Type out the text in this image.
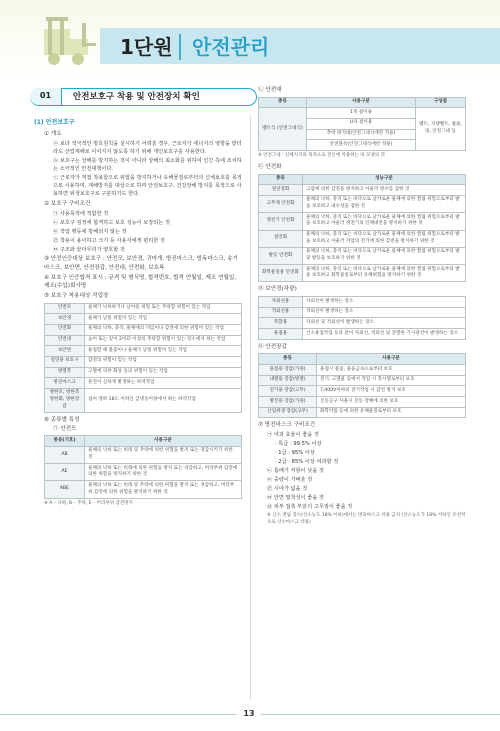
1단원 안전관리
01	안전보호구 착용 및 안전장치 확인
(1) 안전보호구
① 개요

ⓐ 보다 적극적인 방호원칙을 실시하기 어려울 경우, 근로자가 에너지의 영향을 받더라도 산업재해로 이어지지 않도록 하기 위해 개인보호구를 사용한다.

ⓑ 보호구는 상해를 방지하는 것이 아니라 상해의 최소화를 위하여 인간 측에 조치하는 소극적인 안전대책이다.

ⓒ 근로자가 직접 착용함으로 위험을 방지하거나 유해물질로부터의 신체보호를 목적으로 사용하며, 재해방지를 대상으로 하며 안전보호구, 건강장해 방지를 목적으로 사용하면 위생보호구로 구분하기도 한다.

② 보호구 구비조건

㉠ 사용목적에 적합한 것

㉡ 보호구 검정에 합격하고 보호 성능이 보장되는 것

㉢ 작업 행동에 방해되지 않는 것

㉣ 착용이 용이하고 크기 등 사용자에게 편리한 것

㉤ 구조와 끝마무리가 양호할 것

③ 안전인증대상 보호구 : 안전모, 보안경, 귀마개, 방진마스크, 방독마스크, 송기마스크, 보안면, 안전장갑, 안전대, 안전화, 보호복

④ 보호구 인증합격 표시 : 규격 및 형식명, 합격번호, 합격 연월일, 제조 연월일, 제조(수입)회사명

⑤ 보호구 착용대상 작업장
안전모	물체가 낙하하거나 날아올 위험 또는 추락할 위험이 있는 작업
보안경	물체가 날릴 위험이 있는 작업
안전화	물체의 낙하, 충격, 물체에의 끼임이나 감전에 의한 위험이 있는 작업
안전대	높이 또는 깊이 2미터 이상의 추락할 위험이 있는 장소에서 하는 작업
보안면	용접할 때 불꽃이나 물체가 날릴 위험이 있는 작업
절연용 보호구	감전의 위험이 있는 작업
방열복	고열에 의한 화상 등의 위험이 있는 작업
방진마스크	분진이 심하게 발생하는 하역작업
방한모, 방한복 방한화, 방한장갑	섭씨 영하 18도 이하인 급냉동어창에서 하는 하역작업
⑥ 종류별 특성
㉠ 안전모
종류(기호)	사용구분
AB	물체의 낙하 또는 비래 및 추락에 의한 위험을 방지 또는 경감시키기 위한 것
AE	물체의 낙하 또는 비래에 의한 위험을 방지 또는 경감하고, 머리부위 감전에 의한 위험을 방지하기 위한 것
ABE	물체의 낙하 또는 비래 및 추락에 의한 위험을 방지 또는 경감하고, 머리부위 감전에 의한 위험을 방지하기 위한 것
※ A – 낙하, B – 추락, E – 머리부위 감전방지
㉡ 안전대
종류	사용구분	구성품
벨트식 (안전그네식)	1개 걸이용	벨트, 지탱벨트, 죔줄, 링, 안전그네 등
	U자 걸이용	
	추락 방지대(안전그네식에만 적용)	
	안전블록(안전그네식에만 적용)	
※ 안전그네 : 신체지지의 목적으로 전신에 착용하는 띠 모양의 것
㉢ 안전화
종류	성능구분
절연장화	고압에 의한 감전을 방지하고 아울러 방수를 겸한 것
고무제 안전화	물체의 낙하, 충격 또는 바닥으로 날카로운 물체에 의한 찔림 위험으로부터 발을 보호하고 내수성을 겸한 것
정전기 안전화	물체의 낙하, 충격 또는 바닥으로 날카로운 물체에 의한 찔림 위험으로부터 발을 보호하고 아울러 정전기의 인체대전을 방지하기 위한 것
절연화	물체의 낙하, 충격 또는 바닥으로 날카로운 물체에 의한 찔림 위험으로부터 발을 보호하고 아울러 저압의 전기에 의한 감전을 방지하기 위한 것
발등 안전화	물체의 낙하, 충격 또는 바닥으로 날카로운 물체에 의한 찔림 위험으로부터 발 및 발등을 보호하기 위한 것
화학물질용 안전화	물체의 낙하, 충격 또는 바닥으로 날카로운 물체에 의한 찔림 위험으로부터 발을 보호하고 화학물질로부터 유해위험을 방지하기 위한 것
㉣ 보안경(차광)
자외선용	자외선이 발생하는 장소
적외선용	적외선이 발생하는 장소
복합용	자외선 및 적외선이 발생하는 장소
용접용	산소용접작업 등과 같이 자외선, 적외선 및 강렬한 가시광선이 발생하는 장소
㉤ 안전장갑
종류	사용구분
용접용 장갑(가죽)	용접시 불꽃, 용융금속으로부터 보호
내열용 장갑(방열)	전기, 고열물 등에서 작업 시 복사열로부터 보호
전기용 장갑(고무)	7,000V이하의 전기작업 시 감전 방지 보호
방진용 장갑(가죽)	진동공구 사용시 진동 장해에 의한 보호
산업위생 장갑(고무)	화학약품 등에 의한 유해물질로부터 보호
⑦ 방진마스크 구비조건

㉠ 여과 효율이 좋을 것

· 특급 : 99.5% 이상

· 1급 : 95% 이상

· 2급 : 85% 이상 여과할 것

㉡ 흡배기 저항이 낮을 것

㉢ 중량이 가벼울 것

㉣ 시야가 넓을 것

㉤ 안면 밀착성이 좋을 것

㉥ 피부 접촉 부분의 고무질이 좋을 것

※ 산소 결핍 장소(산소농도 18% 이하)에서는 방독마스크 착용 금지 (산소농도가 18% 이하인 유선작으로 산소마스크 착용)
13
